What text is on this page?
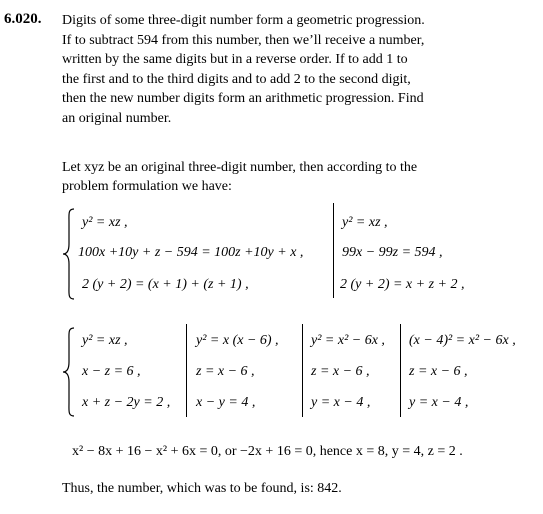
6.020. Digits of some three-digit number form a geometric progression.
If to subtract 594 from this number, then we’ll receive a number,
written by the same digits but in a reverse order. If to add 1 to
the first and to the third digits and to add 2 to the second digit,
then the new number digits form an arithmetic progression. Find
an original number.
Let xyz be an original three-digit number, then according to the
problem formulation we have:
y² = xz ,
100x +10y + z − 594 = 100z +10y + x ,
2 (y + 2) = (x + 1) + (z + 1) ,
y² = xz ,
99x − 99z = 594 ,
2 (y + 2) = x + z + 2 ,
y² = xz ,
x − z = 6 ,
x + z − 2y = 2 ,
y² = x (x − 6) ,
z = x − 6 ,
x − y = 4 ,
y² = x² − 6x ,
z = x − 6 ,
y = x − 4 ,
(x − 4)² = x² − 6x ,
z = x − 6 ,
y = x − 4 ,
x² − 8x + 16 − x² + 6x = 0, or −2x + 16 = 0, hence x = 8, y = 4, z = 2 .
Thus, the number, which was to be found, is: 842.
